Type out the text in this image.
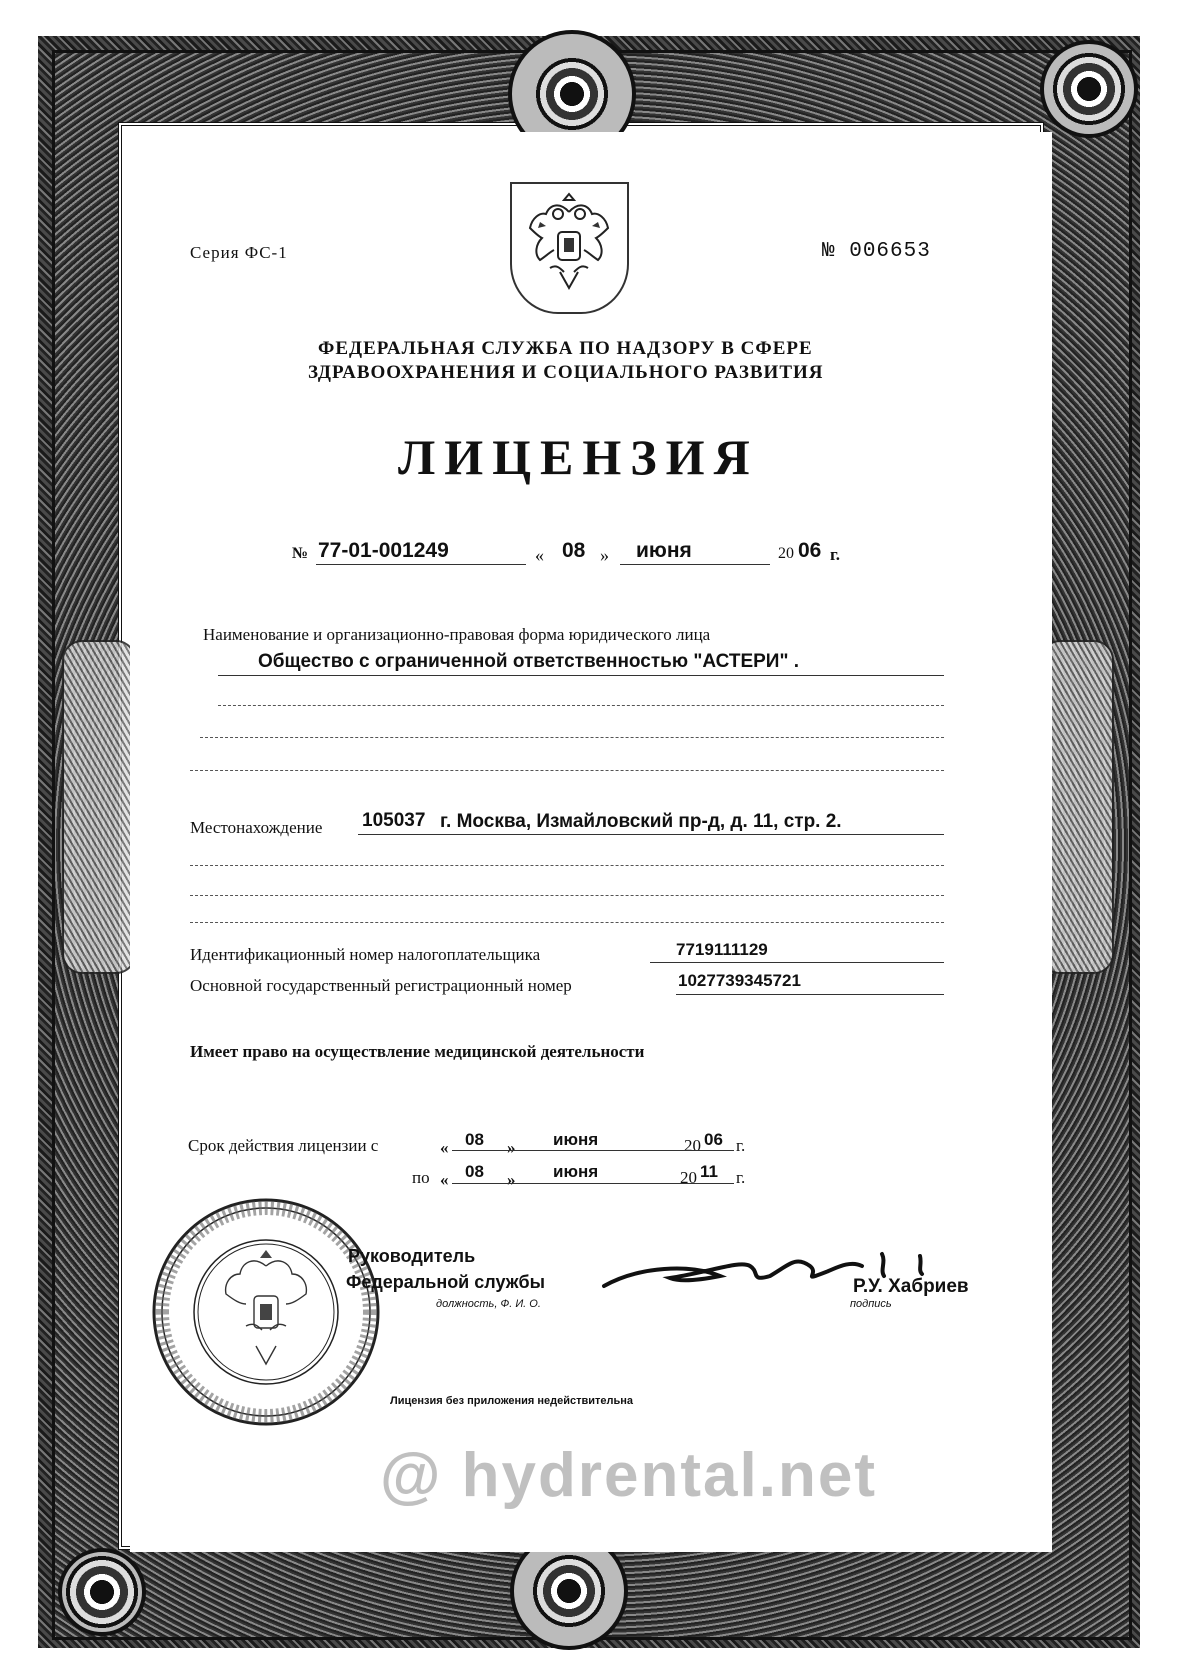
Серия ФС-1	№ 006653
ФЕДЕРАЛЬНАЯ СЛУЖБА ПО НАДЗОРУ В СФЕРЕ
ЗДРАВООХРАНЕНИЯ И СОЦИАЛЬНОГО РАЗВИТИЯ
ЛИЦЕНЗИЯ
№ 77-01-001249	« 08 » июня	20 06 г.
Наименование и организационно-правовая форма юридического лица
Общество с ограниченной ответственностью "АСТЕРИ" .
Местонахождение 105037 г. Москва, Измайловский пр-д, д. 11, стр. 2.
Идентификационный номер налогоплательщика	7719111129
Основной государственный регистрационный номер	1027739345721
Имеет право на осуществление медицинской деятельности
Срок действия лицензии с	« 08 » июня	20 06 г.
по « 08 » июня	20 11 г.
Руководитель
Федеральной службы
должность, Ф. И. О.	подпись
Р.У. Хабриев
Лицензия без приложения недействительна
@ hydrental.net
